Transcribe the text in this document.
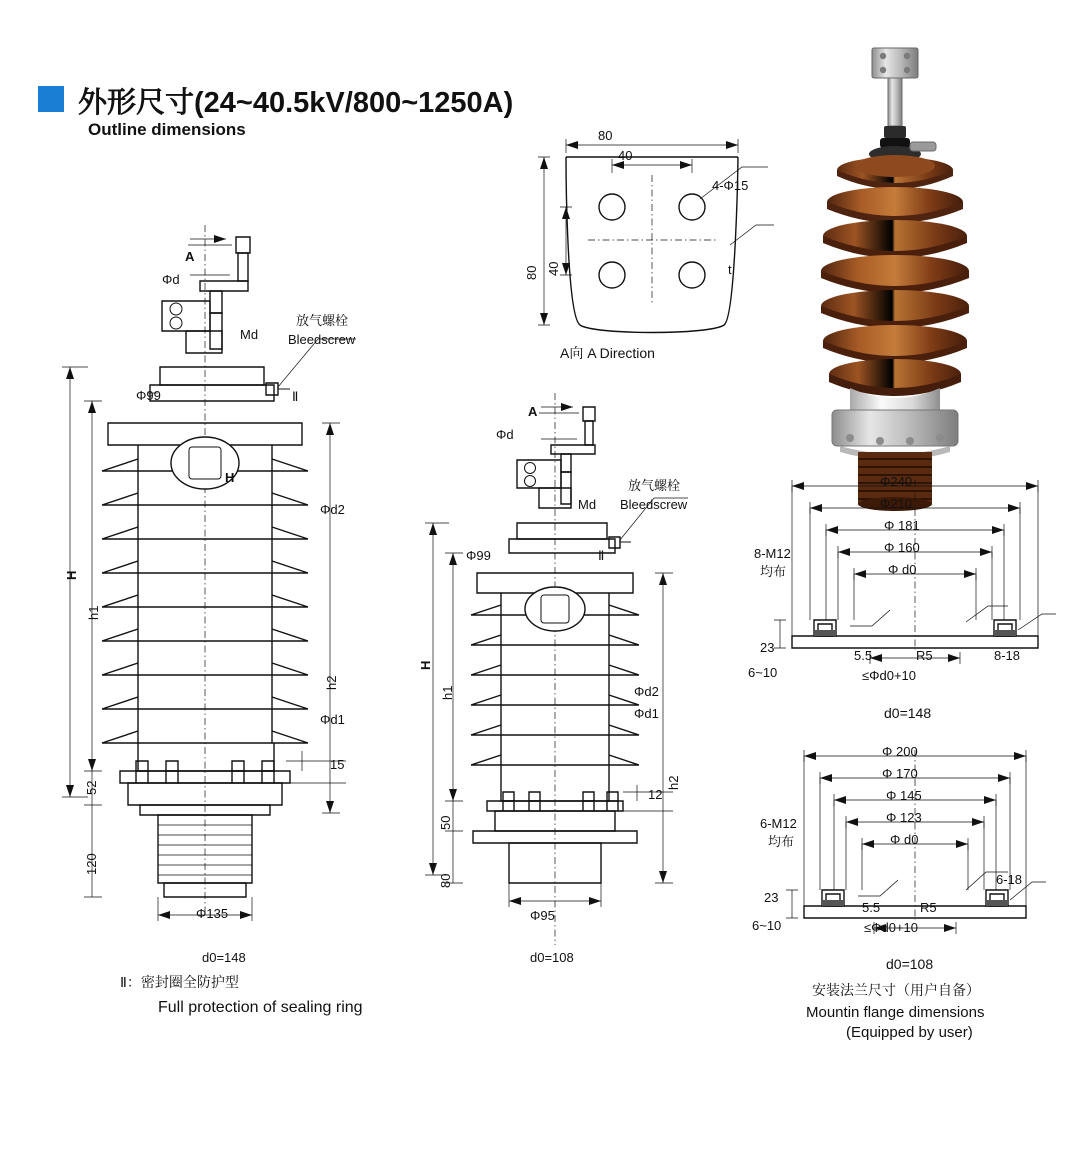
外形尺寸(24~40.5kV/800~1250A)
Outline dimensions
H
A
Φd
Md
放气螺栓
Bleedscrew
Φ99	Ⅱ
H
h1
h2
Φd2
Φd1
15
52
120
Φ135
d0=148
Ⅱ：密封圈全防护型
Full protection of sealing ring
A
Φd
Md
放气螺栓
Bleedscrew
Φ99	Ⅱ
H
h1
h2
Φd2
Φd1
12
50
80
Φ95
d0=108
80
40
80 40
4-Φ15
t
A向 A Direction
Φ240
Φ210
Φ 181
Φ 160
Φ d0
8-M12
均布
23
6~10
5.5	R5	8-18
≤Φd0+10
d0=148
Φ 200
Φ 170
Φ 145
Φ 123
Φ d0
6-M12
均布
23
6~10
5.5	R5
6-18
≤Φd0+10
d0=108
安装法兰尺寸（用户自备）
Mountin flange dimensions
(Equipped by user)
